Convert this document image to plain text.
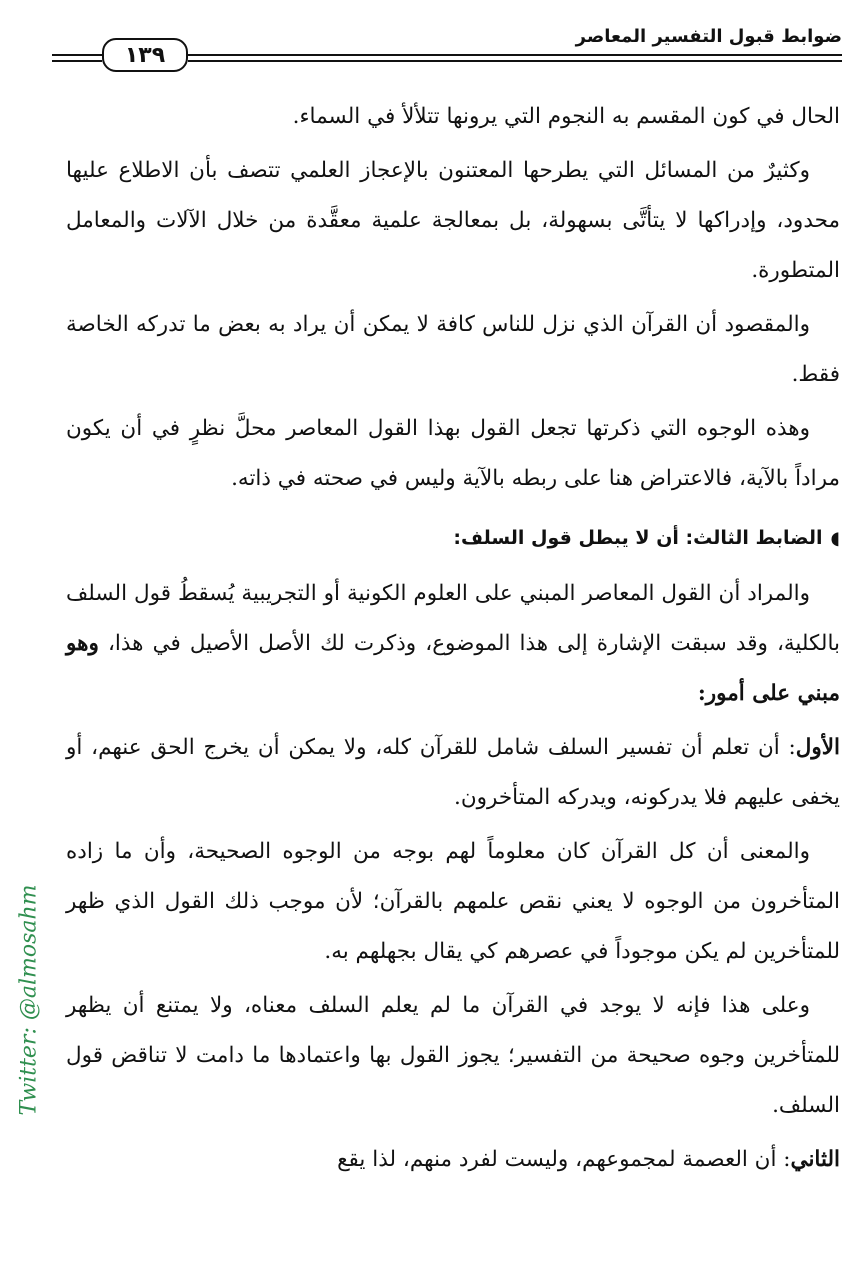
١٣٩
ضوابط قبول التفسير المعاصر

الحال في كون المقسم به النجوم التي يرونها تتلألأ في السماء.

وكثيرٌ من المسائل التي يطرحها المعتنون بالإعجاز العلمي تتصف بأن الاطلاع عليها محدود، وإدراكها لا يتأتَّى بسهولة، بل بمعالجة علمية معقَّدة من خلال الآلات والمعامل المتطورة.

والمقصود أن القرآن الذي نزل للناس كافة لا يمكن أن يراد به بعض ما تدركه الخاصة فقط.

وهذه الوجوه التي ذكرتها تجعل القول بهذا القول المعاصر محلَّ نظرٍ في أن يكون مراداً بالآية، فالاعتراض هنا على ربطه بالآية وليس في صحته في ذاته.

◖الضابط الثالث: أن لا يبطل قول السلف:

والمراد أن القول المعاصر المبني على العلوم الكونية أو التجريبية يُسقطُ قول السلف بالكلية، وقد سبقت الإشارة إلى هذا الموضوع، وذكرت لك الأصل الأصيل في هذا، وهو مبني على أمور:

الأول: أن تعلم أن تفسير السلف شامل للقرآن كله، ولا يمكن أن يخرج الحق عنهم، أو يخفى عليهم فلا يدركونه، ويدركه المتأخرون.

والمعنى أن كل القرآن كان معلوماً لهم بوجه من الوجوه الصحيحة، وأن ما زاده المتأخرون من الوجوه لا يعني نقص علمهم بالقرآن؛ لأن موجب ذلك القول الذي ظهر للمتأخرين لم يكن موجوداً في عصرهم كي يقال بجهلهم به.

وعلى هذا فإنه لا يوجد في القرآن ما لم يعلم السلف معناه، ولا يمتنع أن يظهر للمتأخرين وجوه صحيحة من التفسير؛ يجوز القول بها واعتمادها ما دامت لا تناقض قول السلف.

الثاني: أن العصمة لمجموعهم، وليست لفرد منهم، لذا يقع

Twitter: @almosahm
